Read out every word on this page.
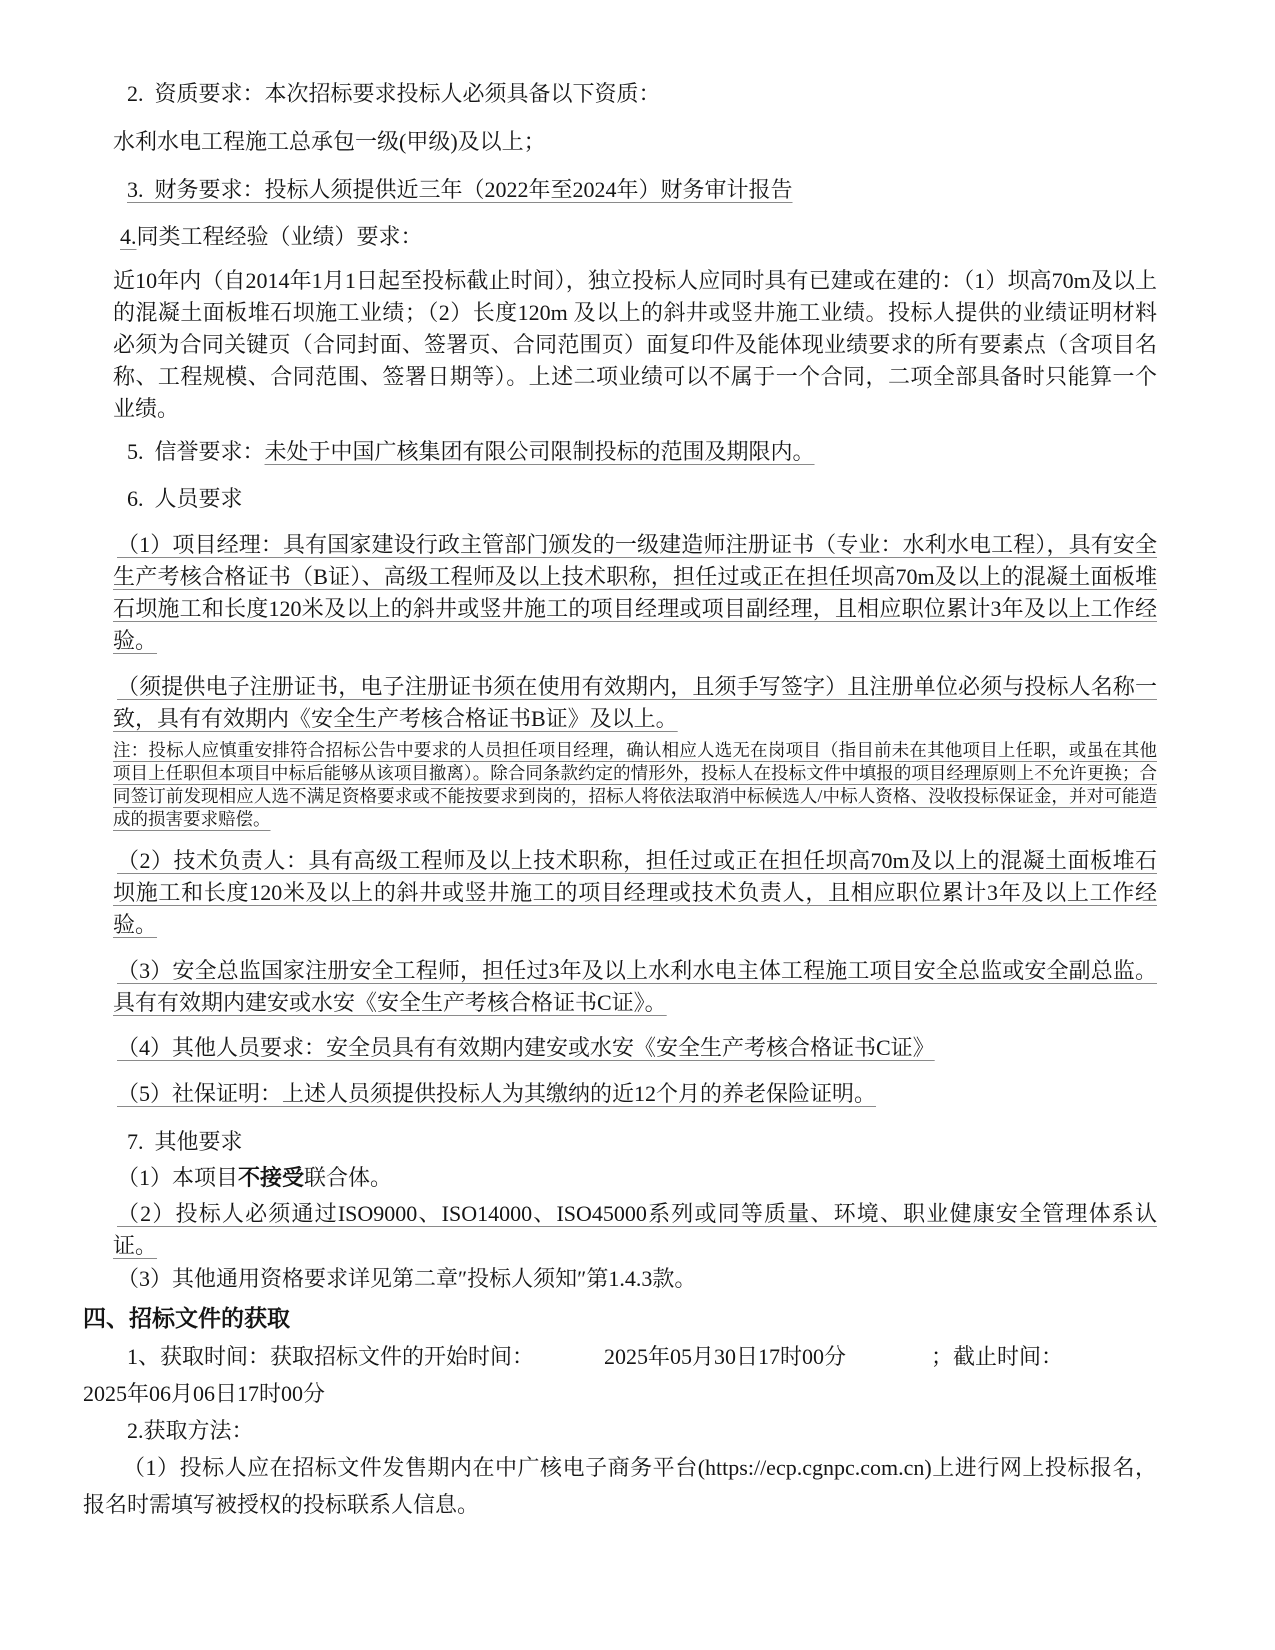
2.  资质要求：本次招标要求投标人必须具备以下资质：

水利水电工程施工总承包一级(甲级)及以上；

3.  财务要求：投标人须提供近三年（2022年至2024年）财务审计报告

4.同类工程经验（业绩）要求：

近10年内（自2014年1月1日起至投标截止时间），独立投标人应同时具有已建或在建的：（1）坝高70m及以上的混凝土面板堆石坝施工业绩；（2）长度120m 及以上的斜井或竖井施工业绩。投标人提供的业绩证明材料必须为合同关键页（合同封面、签署页、合同范围页）面复印件及能体现业绩要求的所有要素点（含项目名称、工程规模、合同范围、签署日期等）。上述二项业绩可以不属于一个合同，二项全部具备时只能算一个业绩。

5.  信誉要求：未处于中国广核集团有限公司限制投标的范围及期限内。

6.  人员要求

（1）项目经理：具有国家建设行政主管部门颁发的一级建造师注册证书（专业：水利水电工程），具有安全生产考核合格证书（B证）、高级工程师及以上技术职称，担任过或正在担任坝高70m及以上的混凝土面板堆石坝施工和长度120米及以上的斜井或竖井施工的项目经理或项目副经理，且相应职位累计3年及以上工作经验。

（须提供电子注册证书，电子注册证书须在使用有效期内，且须手写签字）且注册单位必须与投标人名称一致，具有有效期内《安全生产考核合格证书B证》及以上。

注：投标人应慎重安排符合招标公告中要求的人员担任项目经理，确认相应人选无在岗项目（指目前未在其他项目上任职，或虽在其他项目上任职但本项目中标后能够从该项目撤离）。除合同条款约定的情形外，投标人在投标文件中填报的项目经理原则上不允许更换；合同签订前发现相应人选不满足资格要求或不能按要求到岗的，招标人将依法取消中标候选人/中标人资格、没收投标保证金，并对可能造成的损害要求赔偿。

（2）技术负责人：具有高级工程师及以上技术职称，担任过或正在担任坝高70m及以上的混凝土面板堆石坝施工和长度120米及以上的斜井或竖井施工的项目经理或技术负责人，且相应职位累计3年及以上工作经验。

（3）安全总监国家注册安全工程师，担任过3年及以上水利水电主体工程施工项目安全总监或安全副总监。具有有效期内建安或水安《安全生产考核合格证书C证》。

（4）其他人员要求：安全员具有有效期内建安或水安《安全生产考核合格证书C证》

（5）社保证明：上述人员须提供投标人为其缴纳的近12个月的养老保险证明。

7.  其他要求

（1）本项目不接受联合体。

（2）投标人必须通过ISO9000、ISO14000、ISO45000系列或同等质量、环境、职业健康安全管理体系认证。

（3）其他通用资格要求详见第二章″投标人须知″第1.4.3款。

四、招标文件的获取

1、获取时间：获取招标文件的开始时间：	2025年05月30日17时00分	；截止时间：

2025年06月06日17时00分

2.获取方法：

（1）投标人应在招标文件发售期内在中广核电子商务平台(https://ecp.cgnpc.com.cn)上进行网上投标报名，报名时需填写被授权的投标联系人信息。
